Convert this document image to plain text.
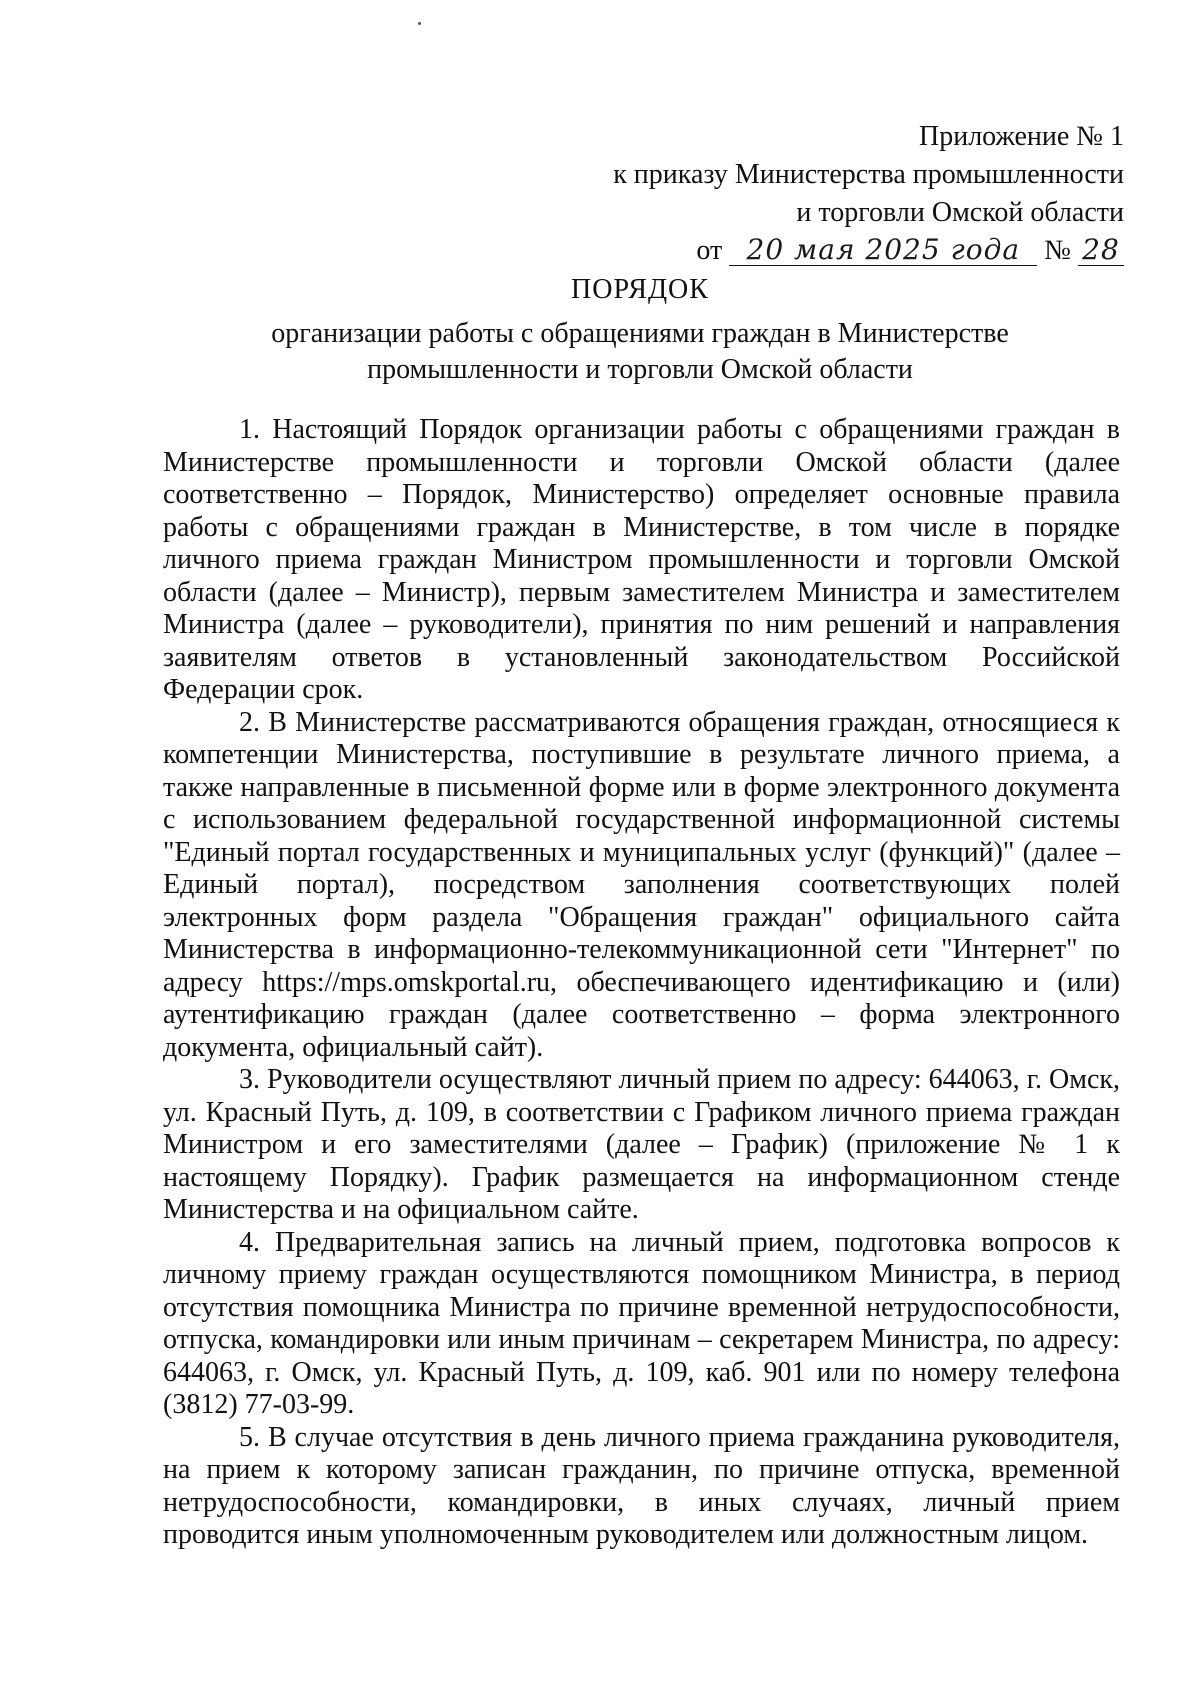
Приложение № 1
к приказу Министерства промышленности
и торговли Омской области
от 20 мая 2025 года № 28

ПОРЯДОК

организации работы с обращениями граждан в Министерстве
промышленности и торговли Омской области

1. Настоящий Порядок организации работы с обращениями граждан в Министерстве промышленности и торговли Омской области (далее соответственно – Порядок, Министерство) определяет основные правила работы с обращениями граждан в Министерстве, в том числе в порядке личного приема граждан Министром промышленности и торговли Омской области (далее – Министр), первым заместителем Министра и заместителем Министра (далее – руководители), принятия по ним решений и направления заявителям ответов в установленный законодательством Российской Федерации срок.

2. В Министерстве рассматриваются обращения граждан, относящиеся к компетенции Министерства, поступившие в результате личного приема, а также направленные в письменной форме или в форме электронного документа с использованием федеральной государственной информационной системы "Единый портал государственных и муниципальных услуг (функций)" (далее – Единый портал), посредством заполнения соответствующих полей электронных форм раздела "Обращения граждан" официального сайта Министерства в информационно-телекоммуникационной сети "Интернет" по адресу https://mps.omskportal.ru, обеспечивающего идентификацию и (или) аутентификацию граждан (далее соответственно – форма электронного документа, официальный сайт).

3. Руководители осуществляют личный прием по адресу: 644063, г. Омск, ул. Красный Путь, д. 109, в соответствии с Графиком личного приема граждан Министром и его заместителями (далее – График) (приложение № 1 к настоящему Порядку). График размещается на информационном стенде Министерства и на официальном сайте.

4. Предварительная запись на личный прием, подготовка вопросов к личному приему граждан осуществляются помощником Министра, в период отсутствия помощника Министра по причине временной нетрудоспособности, отпуска, командировки или иным причинам – секретарем Министра, по адресу: 644063, г. Омск, ул. Красный Путь, д. 109, каб. 901 или по номеру телефона (3812) 77-03-99.

5. В случае отсутствия в день личного приема гражданина руководителя, на прием к которому записан гражданин, по причине отпуска, временной нетрудоспособности, командировки, в иных случаях, личный прием проводится иным уполномоченным руководителем или должностным лицом.
